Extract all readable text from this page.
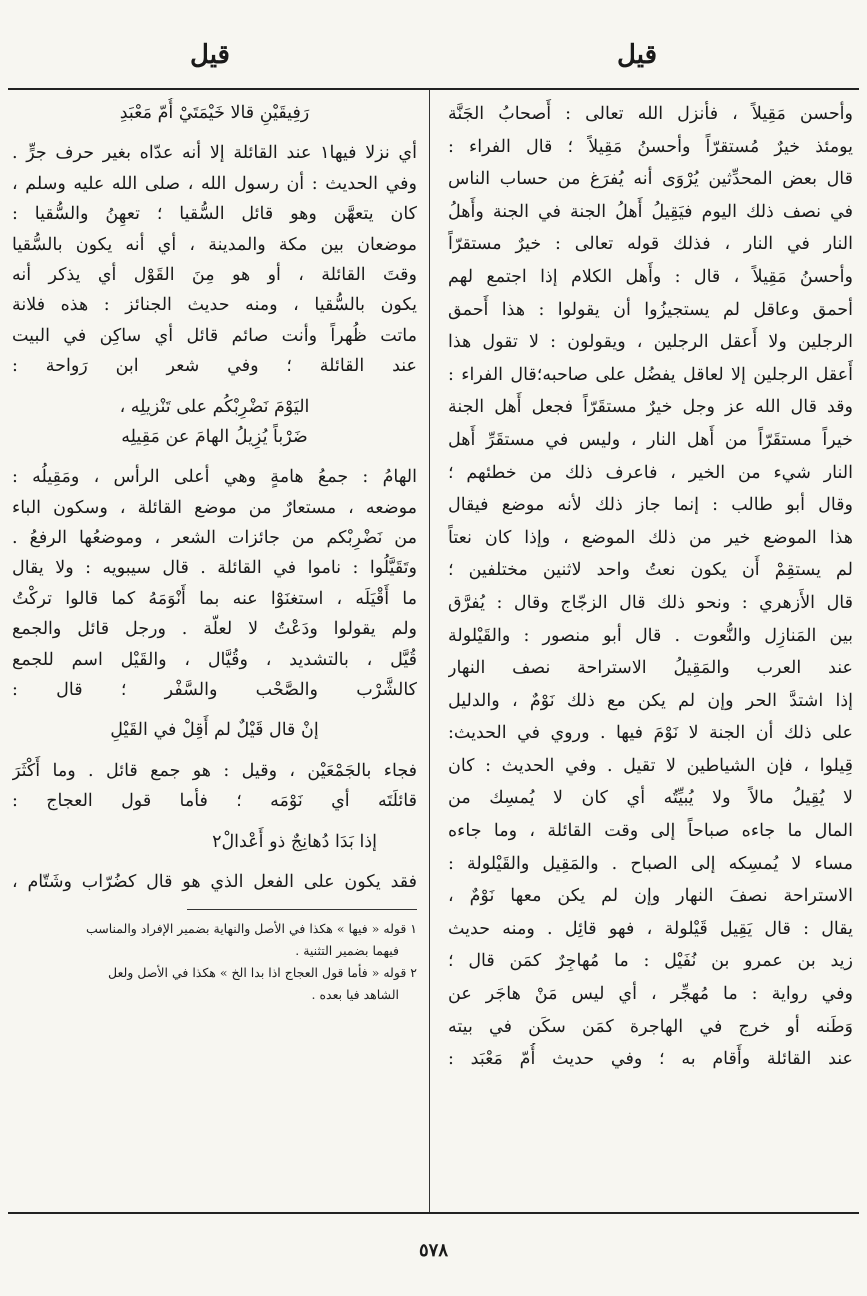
قيل
قيل
وأحسن مَقِيلاً ، فأنزل الله تعالى : أَصحابُ الجَنَّة
يومئذ خيرٌ مُستقرّاً وأحسنُ مَقِيلاً ؛ قال الفراء :
قال بعض المحدِّثين يُرْوَى أنه يُفرَغ من حساب الناس
في نصف ذلك اليوم فيَقِيلُ أَهلُ الجنة في الجنة وأَهلُ
النار في النار ، فذلك قوله تعالى : خيرٌ مستقرّاً
وأحسنُ مَقِيلاً ، قال : وأَهل الكلام إذا اجتمع لهم
أحمق وعاقل لم يستجيزُوا أن يقولوا : هذا أَحمق
الرجلين ولا أَعقل الرجلين ، ويقولون : لا تقول هذا
أَعقل الرجلين إلا لعاقل يفضُل على صاحبه؛قال الفراء :
وقد قال الله عز وجل خيرٌ مستقَرّاً فجعل أَهل الجنة
خيراً مستقَرّاً من أَهل النار ، وليس في مستقَرِّ أَهل
النار شيء من الخير ، فاعرف ذلك من خطئهم ؛
وقال أبو طالب : إنما جاز ذلك لأنه موضع فيقال
هذا الموضع خير من ذلك الموضع ، وإذا كان نعتاً
لم يستقِمْ أَن يكون نعتُ واحد لاثنين مختلفين ؛
قال الأَزهري : ونحو ذلك قال الزجّاج وقال : يُفرَّق
بين المَنازِل والنُّعوت . قال أبو منصور : والقَيْلولة
عند العرب والمَقِيلُ الاستراحة نصف النهار
إذا اشتدَّ الحر وإن لم يكن مع ذلك نَوْمٌ ، والدليل
على ذلك أن الجنة لا نَوْمَ فيها . وروي في الحديث:
قِيلوا ، فإن الشياطين لا تقيل . وفي الحديث : كان
لا يُقِيلُ مالاً ولا يُبيِّتُه أي كان لا يُمسِك من
المال ما جاءه صباحاً إلى وقت القائلة ، وما جاءه
مساء لا يُمسِكه إلى الصباح . والمَقِيل والقَيْلولة :
الاستراحة نصفَ النهار وإن لم يكن معها نَوْمٌ ،
يقال : قال يَقِيل قَيْلولة ، فهو قائِل . ومنه حديث
زيد بن عمرو بن نُفَيْل : ما مُهاجِرٌ كمَن قال ؛
وفي رواية : ما مُهجِّر ، أي ليس مَنْ هاجَر عن
وَطَنه أو خرج في الهاجرة كمَن سكَن في بيته
عند القائلة وأَقام به ؛ وفي حديث أُمّ مَعْبَد :
رَفِيقَيْنِ قالا خَيْمَتَيْ أُمّ مَعْبَدِ
أي نزلا فيها١ عند القائلة إلا أنه عدّاه بغير حرف جرٍّ .
وفي الحديث : أن رسول الله ، صلى الله عليه وسلم ،
كان يتعهَّن وهو قائل السُّقيا ؛ تعهِنُ والسُّقيا :
موضعان بين مكة والمدينة ، أي أنه يكون بالسُّقيا
وقتَ القائلة ، أو هو مِنَ القَوْل أي يذكر أنه
يكون بالسُّقيا ، ومنه حديث الجنائز : هذه فلانة
ماتت ظُهراً وأنت صائم قائل أي ساكِن في البيت
عند القائلة ؛ وفي شعر ابن رَواحة :
اليَوْمَ نَضْرِبْكُم على تَنْزيلِه ،
ضَرْباً يُزِيلُ الهامَ عن مَقِيلِه
الهامُ : جمعُ هامةٍ وهي أعلى الرأس ، ومَقِيلُه :
موضعه ، مستعارٌ من موضع القائلة ، وسكون الباء
من نَضْرِبْكم من جائزات الشعر ، وموضعُها الرفعُ .
وتَقَيَّلُوا : ناموا في القائلة . قال سيبويه : ولا يقال
ما أَقْيَلَه ، استغنَوْا عنه بما أَنْوَمَهُ كما قالوا تركْتُ
ولم يقولوا ودَعْتُ لا لعلّة . ورجل قائل والجمع
قُيَّل ، بالتشديد ، وقُيَّال ، والقَيْل اسم للجمع
كالشَّرْب والصَّحْب والسَّفْر ؛ قال :
إنْ قال قَيْلٌ لم أَقِلْ في القَيْلِ
فجاء بالجَمْعَيْن ، وقيل : هو جمع قائل . وما أَكْثَرَ
قائلَتَه أي نَوْمَه ؛ فأما قول العجاج :
إذا بَدَا دُهانِجٌ ذو أَعْدالْ٢
فقد يكون على الفعل الذي هو قال كضُرّاب وشَتّام ،
١ قوله « فيها » هكذا في الأصل والنهاية بضمير الإفراد والمناسب
فيهما بضمير التثنية .
٢ قوله « فأما قول العجاج اذا بدا الخ » هكذا في الأصل ولعل
الشاهد فيا بعده .
٥٧٨
